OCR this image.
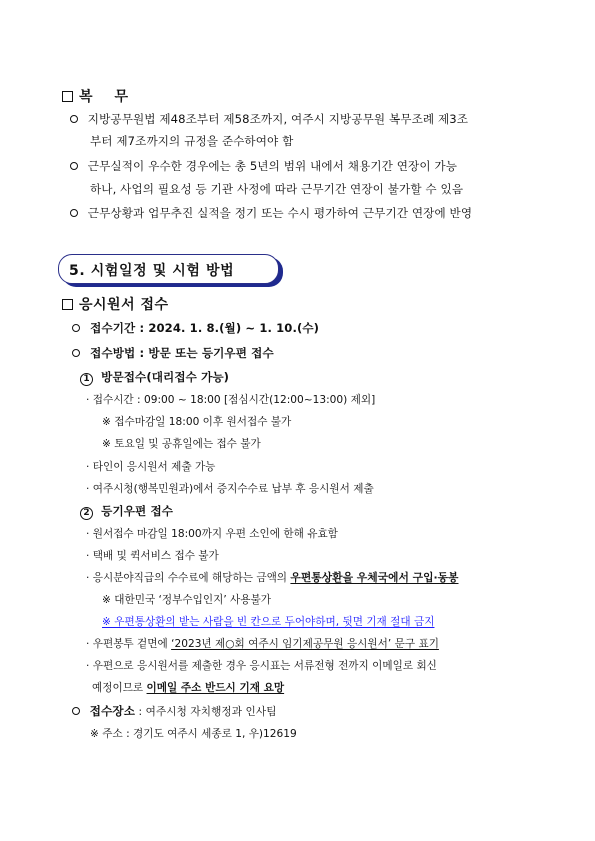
복    무
지방공무원법 제48조부터 제58조까지, 여주시 지방공무원 복무조례 제3조
부터 제7조까지의 규정을 준수하여야 함
근무실적이 우수한 경우에는 총 5년의 범위 내에서 채용기간 연장이 가능
하나, 사업의 필요성 등 기관 사정에 따라 근무기간 연장이 불가할 수 있음
근무상황과 업무추진 실적을 정기 또는 수시 평가하여 근무기간 연장에 반영
5. 시험일정 및 시험 방법
응시원서 접수
접수기간 : 2024. 1. 8.(월) ~ 1. 10.(수)
접수방법 : 방문 또는 등기우편 접수
1 방문접수(대리접수 가능)
· 접수시간 : 09:00 ~ 18:00 [점심시간(12:00~13:00) 제외]
※ 접수마감일 18:00 이후 원서접수 불가
※ 토요일 및 공휴일에는 접수 불가
· 타인이 응시원서 제출 가능
· 여주시청(행복민원과)에서 증지수수료 납부 후 응시원서 제출
2 등기우편 접수
· 원서접수 마감일 18:00까지 우편 소인에 한해 유효함
· 택배 및 퀵서비스 접수 불가
· 응시분야직급의 수수료에 해당하는 금액의 우편통상환을 우체국에서 구입·동봉
※ 대한민국 ‘정부수입인지’ 사용불가
※ 우편통상환의 받는 사람을 빈 칸으로 두어야하며, 뒷면 기재 절대 금지
· 우편봉투 겉면에 ‘2023년 제○회 여주시 임기제공무원 응시원서’ 문구 표기
· 우편으로 응시원서를 제출한 경우 응시표는 서류전형 전까지 이메일로 회신
예정이므로 이메일 주소 반드시 기재 요망
접수장소 : 여주시청 자치행정과 인사팀
※ 주소 : 경기도 여주시 세종로 1, 우)12619
